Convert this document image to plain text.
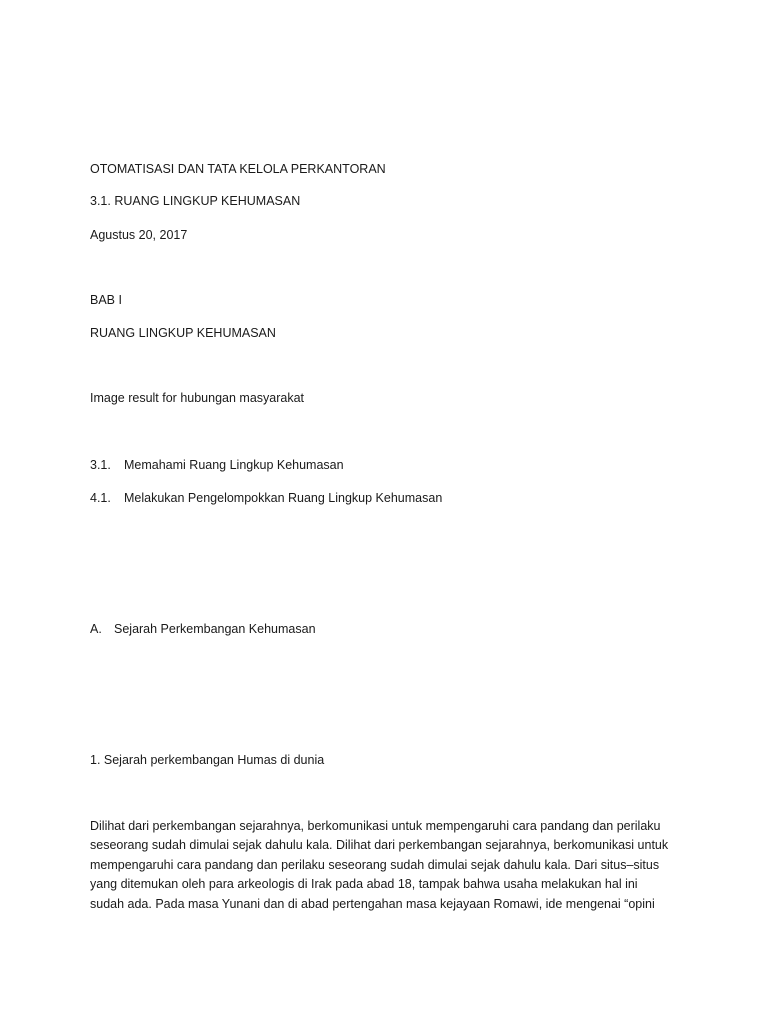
OTOMATISASI DAN TATA KELOLA PERKANTORAN
3.1. RUANG LINGKUP KEHUMASAN
Agustus 20, 2017
BAB I
RUANG LINGKUP KEHUMASAN
Image result for hubungan masyarakat
3.1. Memahami Ruang Lingkup Kehumasan
4.1. Melakukan Pengelompokkan Ruang Lingkup Kehumasan
A. Sejarah Perkembangan Kehumasan
1. Sejarah perkembangan Humas di dunia

Dilihat dari perkembangan sejarahnya, berkomunikasi untuk mempengaruhi cara pandang dan perilaku

seseorang sudah dimulai sejak dahulu kala. Dilihat dari perkembangan sejarahnya, berkomunikasi untuk

mempengaruhi cara pandang dan perilaku seseorang sudah dimulai sejak dahulu kala. Dari situs–situs

yang ditemukan oleh para arkeologis di Irak pada abad 18, tampak bahwa usaha melakukan hal ini

sudah ada. Pada masa Yunani dan di abad pertengahan masa kejayaan Romawi, ide mengenai “opini
